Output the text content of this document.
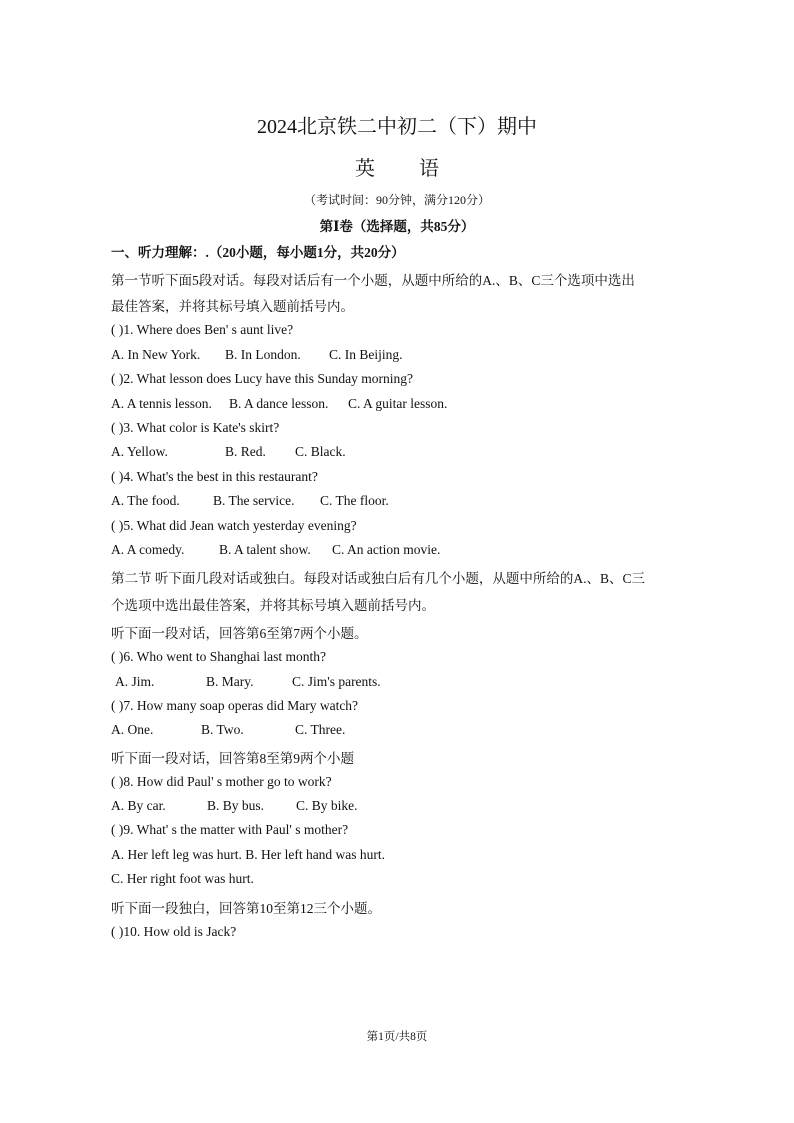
2024北京铁二中初二（下）期中
英语
（考试时间：90分钟，满分120分）
第Ⅰ卷（选择题，共85分）
一、听力理解：.（20小题，每小题1分，共20分）
第一节听下面5段对话。每段对话后有一个小题，从题中所给的A.、B、C三个选项中选出
最佳答案，并将其标号填入题前括号内。
( )1. Where does Ben' s aunt live?
A. In New York. B. In London. C. In Beijing.
( )2. What lesson does Lucy have this Sunday morning?
A. A tennis lesson. B. A dance lesson. C. A guitar lesson.
( )3. What color is Kate's skirt?
A. Yellow.	B. Red. C. Black.
( )4. What's the best in this restaurant?
A. The food. B. The service. C. The floor.
( )5. What did Jean watch yesterday evening?
A. A comedy.	B. A talent show. C. An action movie.
第二节 听下面几段对话或独白。每段对话或独白后有几个小题，从题中所给的A.、B、C三
个选项中选出最佳答案，并将其标号填入题前括号内。
听下面一段对话，回答第6至第7两个小题。
( )6. Who went to Shanghai last month?
A. Jim.	B. Mary.	C. Jim's parents.
( )7. How many soap operas did Mary watch?
A. One.	B. Two.	C. Three.
听下面一段对话，回答第8至第9两个小题
( )8. How did Paul' s mother go to work?
A. By car.	B. By bus. C. By bike.
( )9. What' s the matter with Paul' s mother?
A. Her left leg was hurt. B. Her left hand was hurt.
C. Her right foot was hurt.
听下面一段独白，回答第10至第12三个小题。
( )10. How old is Jack?
第1页/共8页
